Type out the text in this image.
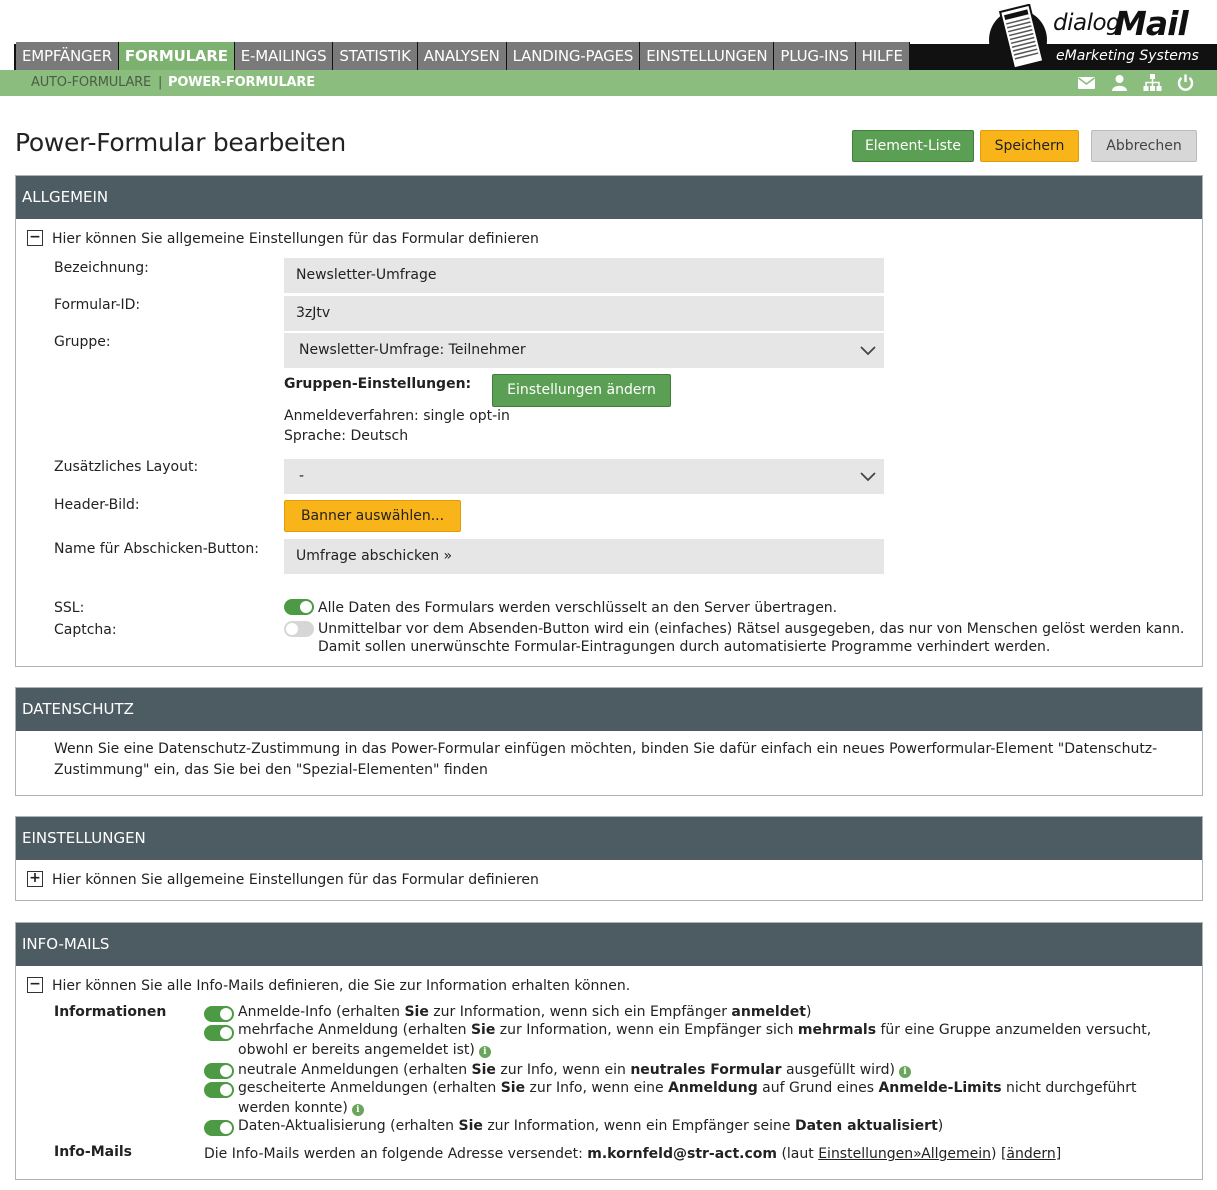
EMPFÄNGER FORMULARE E-MAILINGS STATISTIK ANALYSEN LANDING-PAGES EINSTELLUNGEN PLUG-INS HILFE
dialog
Mail
eMarketing Systems
AUTO-FORMULARE | POWER-FORMULARE
Power-Formular bearbeiten	Element-Liste	Speichern	Abbrechen
ALLGEMEIN
− Hier können Sie allgemeine Einstellungen für das Formular definieren
Bezeichnung:	Newsletter-Umfrage
Formular-ID:	3zJtv
Gruppe:	Newsletter-Umfrage: Teilnehmer
Gruppen-Einstellungen:	Einstellungen ändern
Anmeldeverfahren: single opt-in
Sprache: Deutsch
Zusätzliches Layout:
-
Header-Bild:
Banner auswählen...
Name für Abschicken-Button:	Umfrage abschicken »
SSL:	Alle Daten des Formulars werden verschlüsselt an den Server übertragen.
Captcha:	Unmittelbar vor dem Absenden-Button wird ein (einfaches) Rätsel ausgegeben, das nur von Menschen gelöst werden kann.
Damit sollen unerwünschte Formular-Eintragungen durch automatisierte Programme verhindert werden.
DATENSCHUTZ
Wenn Sie eine Datenschutz-Zustimmung in das Power-Formular einfügen möchten, binden Sie dafür einfach ein neues Powerformular-Element "Datenschutz-
Zustimmung" ein, das Sie bei den "Spezial-Elementen" finden
EINSTELLUNGEN
+ Hier können Sie allgemeine Einstellungen für das Formular definieren
INFO-MAILS
− Hier können Sie alle Info-Mails definieren, die Sie zur Information erhalten können.
Informationen	Anmelde-Info (erhalten Sie zur Information, wenn sich ein Empfänger anmeldet)
mehrfache Anmeldung (erhalten Sie zur Information, wenn ein Empfänger sich mehrmals für eine Gruppe anzumelden versucht,
obwohl er bereits angemeldet ist) i
neutrale Anmeldungen (erhalten Sie zur Info, wenn ein neutrales Formular ausgefüllt wird) i
gescheiterte Anmeldungen (erhalten Sie zur Info, wenn eine Anmeldung auf Grund eines Anmelde-Limits nicht durchgeführt
werden konnte) i
Daten-Aktualisierung (erhalten Sie zur Information, wenn ein Empfänger seine Daten aktualisiert)
Info-Mails	Die Info-Mails werden an folgende Adresse versendet: m.kornfeld@str-act.com (laut Einstellungen»Allgemein) [ändern]
